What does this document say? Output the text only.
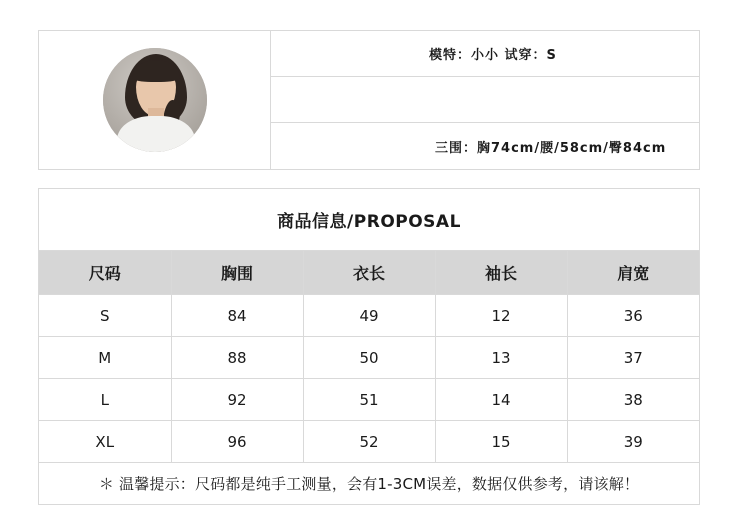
模特：小小 试穿：S
三围：胸74cm/腰/58cm/臀84cm
商品信息/PROPOSAL
尺码	胸围	衣长	袖长	肩宽
S	84	49	12	36
M	88	50	13	37
L	92	51	14	38
XL	96	52	15	39
＊ 温馨提示：尺码都是纯手工测量，会有1-3CM误差，数据仅供参考，请该解！				
